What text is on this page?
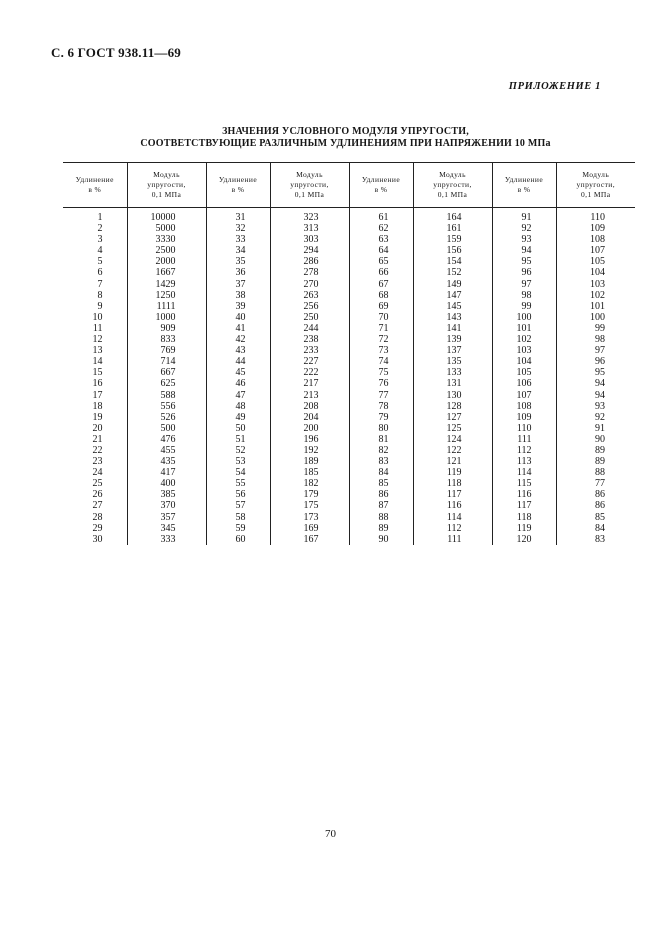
С. 6 ГОСТ 938.11—69
ПРИЛОЖЕНИЕ 1
ЗНАЧЕНИЯ УСЛОВНОГО МОДУЛЯ УПРУГОСТИ,
СООТВЕТСТВУЮЩИЕ РАЗЛИЧНЫМ УДЛИНЕНИЯМ ПРИ НАПРЯЖЕНИИ 10 МПа
Удлинение
в %	Модуль
упругости,
0,1 МПа	Удлинение
в %	Модуль
упругости,
0,1 МПа	Удлинение
в %	Модуль
упругости,
0,1 МПа	Удлинение
в %	Модуль
упругости,
0,1 МПа
1	10000	31	323	61	164	91	110
2	5000	32	313	62	161	92	109
3	3330	33	303	63	159	93	108
4	2500	34	294	64	156	94	107
5	2000	35	286	65	154	95	105
6	1667	36	278	66	152	96	104
7	1429	37	270	67	149	97	103
8	1250	38	263	68	147	98	102
9	1111	39	256	69	145	99	101
10	1000	40	250	70	143	100	100
11	909	41	244	71	141	101	99
12	833	42	238	72	139	102	98
13	769	43	233	73	137	103	97
14	714	44	227	74	135	104	96
15	667	45	222	75	133	105	95
16	625	46	217	76	131	106	94
17	588	47	213	77	130	107	94
18	556	48	208	78	128	108	93
19	526	49	204	79	127	109	92
20	500	50	200	80	125	110	91
21	476	51	196	81	124	111	90
22	455	52	192	82	122	112	89
23	435	53	189	83	121	113	89
24	417	54	185	84	119	114	88
25	400	55	182	85	118	115	77
26	385	56	179	86	117	116	86
27	370	57	175	87	116	117	86
28	357	58	173	88	114	118	85
29	345	59	169	89	112	119	84
30	333	60	167	90	111	120	83
70
